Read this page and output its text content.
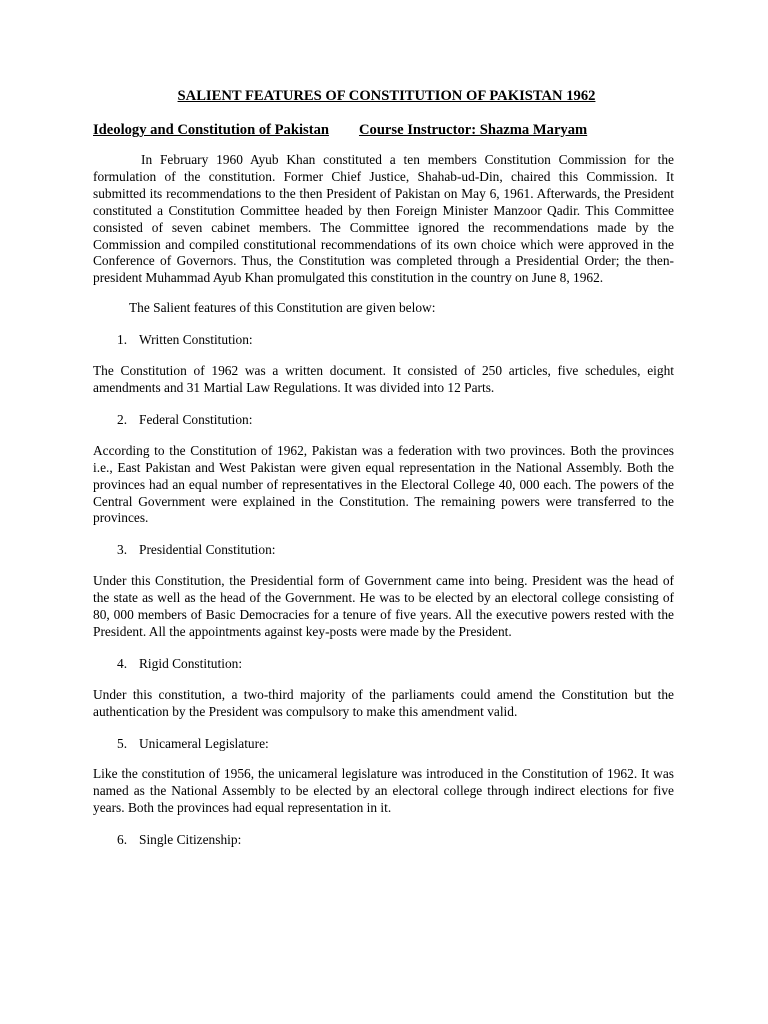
SALIENT FEATURES OF CONSTITUTION OF PAKISTAN 1962
Ideology and Constitution of Pakistan Course Instructor: Shazma Maryam

In February 1960 Ayub Khan constituted a ten members Constitution Commission for the formulation of the constitution. Former Chief Justice, Shahab-ud-Din, chaired this Commission. It submitted its recommendations to the then President of Pakistan on May 6, 1961. Afterwards, the President constituted a Constitution Committee headed by then Foreign Minister Manzoor Qadir. This Committee consisted of seven cabinet members. The Committee ignored the recommendations made by the Commission and compiled constitutional recommendations of its own choice which were approved in the Conference of Governors. Thus, the Constitution was completed through a Presidential Order; the then-president Muhammad Ayub Khan promulgated this constitution in the country on June 8, 1962.

The Salient features of this Constitution are given below:
1. Written Constitution:

The Constitution of 1962 was a written document. It consisted of 250 articles, five schedules, eight amendments and 31 Martial Law Regulations. It was divided into 12 Parts.

2. Federal Constitution:

According to the Constitution of 1962, Pakistan was a federation with two provinces. Both the provinces i.e., East Pakistan and West Pakistan were given equal representation in the National Assembly. Both the provinces had an equal number of representatives in the Electoral College 40, 000 each. The powers of the Central Government were explained in the Constitution. The remaining powers were transferred to the provinces.

3. Presidential Constitution:

Under this Constitution, the Presidential form of Government came into being. President was the head of the state as well as the head of the Government. He was to be elected by an electoral college consisting of 80, 000 members of Basic Democracies for a tenure of five years. All the executive powers rested with the President. All the appointments against key-posts were made by the President.

4. Rigid Constitution:

Under this constitution, a two-third majority of the parliaments could amend the Constitution but the authentication by the President was compulsory to make this amendment valid.

5. Unicameral Legislature:

Like the constitution of 1956, the unicameral legislature was introduced in the Constitution of 1962. It was named as the National Assembly to be elected by an electoral college through indirect elections for five years. Both the provinces had equal representation in it.

6. Single Citizenship:
